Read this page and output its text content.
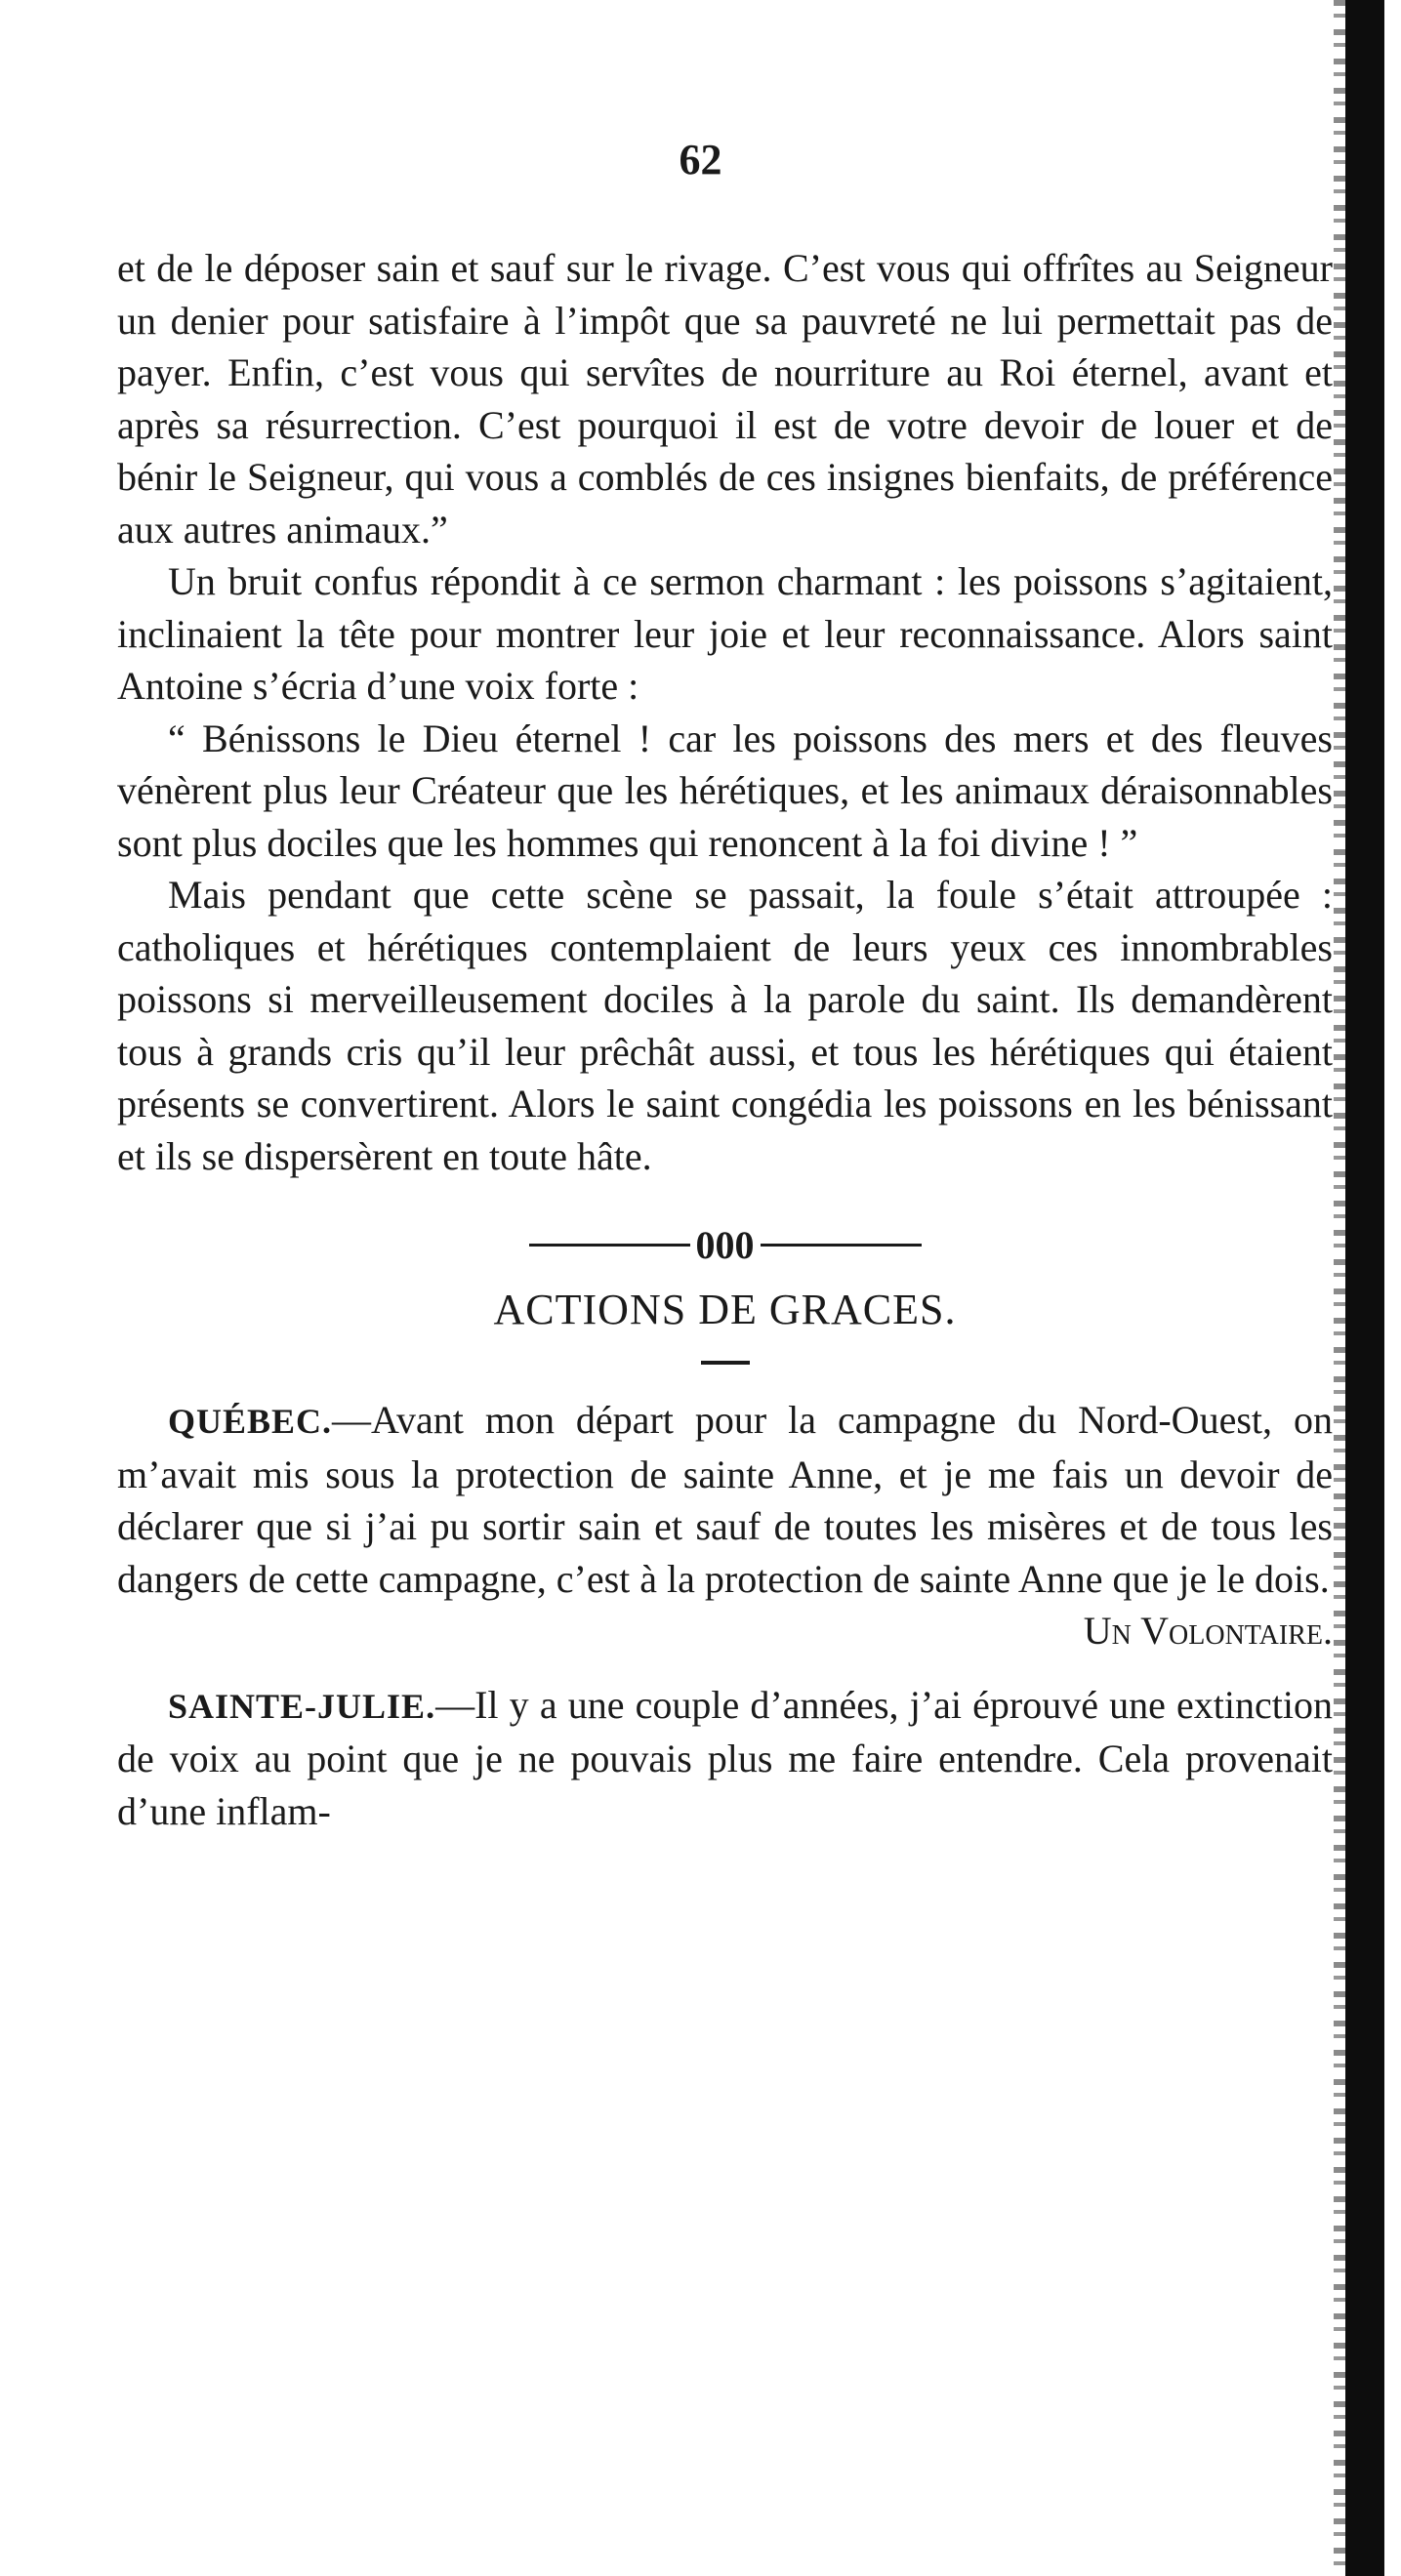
62

et de le déposer sain et sauf sur le rivage. C’est vous qui offrîtes au Seigneur un denier pour satisfaire à l’impôt que sa pauvreté ne lui permettait pas de payer. Enfin, c’est vous qui servîtes de nourriture au Roi éternel, avant et après sa résurrection. C’est pourquoi il est de votre devoir de louer et de bénir le Seigneur, qui vous a comblés de ces insignes bienfaits, de préférence aux autres animaux.”

Un bruit confus répondit à ce sermon charmant : les poissons s’agitaient, inclinaient la tête pour montrer leur joie et leur reconnaissance. Alors saint Antoine s’écria d’une voix forte :

“ Bénissons le Dieu éternel ! car les poissons des mers et des fleuves vénèrent plus leur Créateur que les hérétiques, et les animaux déraisonnables sont plus dociles que les hommes qui renoncent à la foi divine ! ”

Mais pendant que cette scène se passait, la foule s’était attroupée : catholiques et hérétiques contemplaient de leurs yeux ces innombrables poissons si merveilleusement dociles à la parole du saint. Ils demandèrent tous à grands cris qu’il leur prêchât aussi, et tous les hérétiques qui étaient présents se convertirent. Alors le saint congédia les poissons en les bénissant et ils se dispersèrent en toute hâte.

000
ACTIONS DE GRACES.

QUÉBEC.—Avant mon départ pour la campagne du Nord-Ouest, on m’avait mis sous la protection de sainte Anne, et je me fais un devoir de déclarer que si j’ai pu sortir sain et sauf de toutes les misères et de tous les dangers de cette campagne, c’est à la protection de sainte Anne que je le dois.

Un Volontaire.

SAINTE-JULIE.—Il y a une couple d’années, j’ai éprouvé une extinction de voix au point que je ne pouvais plus me faire entendre. Cela provenait d’une inflam-
